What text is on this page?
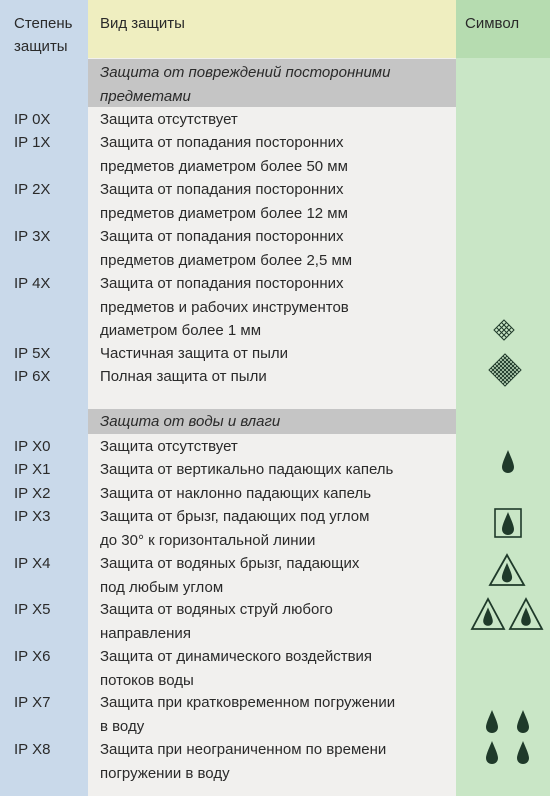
Степень
защиты
Вид защиты	Символ
Защита от повреждений посторонними
предметами
IP 0X	Защита отсутствует
IP 1X	Защита от попадания посторонних
предметов диаметром более 50 мм
IP 2X	Защита от попадания посторонних
предметов диаметром более 12 мм
IP 3X	Защита от попадания посторонних
предметов диаметром более 2,5 мм
IP 4X	Защита от попадания посторонних
предметов и рабочих инструментов
диаметром более 1 мм
IP 5X	Частичная защита от пыли
IP 6X	Полная защита от пыли
Защита от воды и влаги
IP X0	Защита отсутствует
IP X1	Защита от вертикально падающих капель
IP X2	Защита от наклонно падающих капель
IP X3	Защита от брызг, падающих под углом
до 30° к горизонтальной линии
IP X4	Защита от водяных брызг, падающих
под любым углом
IP X5	Защита от водяных струй любого
направления
IP X6	Защита от динамического воздействия
потоков воды
IP X7	Защита при кратковременном погружении
в воду
IP X8	Защита при неограниченном по времени
погружении в воду
